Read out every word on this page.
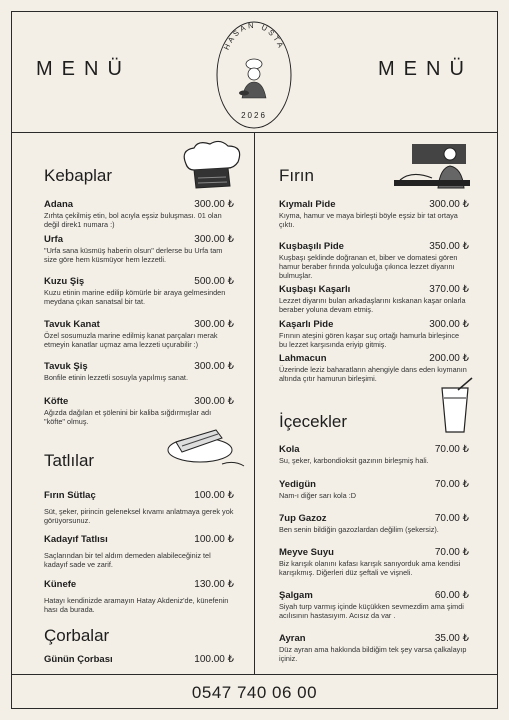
MENÜ	MENÜ
HASAN USTA
2026
Kebaplar
Tatlılar
Çorbalar
Fırın
İçecekler
Adana	300.00 ₺
Zırhta çekilmiş etin, bol acıyla eşsiz buluşması. 01 olan değil direk1 numara :)
Urfa	300.00 ₺
"Urfa sana küsmüş haberin olsun" derlerse bu Urfa tam size göre hem küsmüyor hem lezzetli.
Kuzu Şiş	500.00 ₺
Kuzu etinin marine edilip kömürle bir araya gelmesinden meydana çıkan sanatsal bir tat.
Tavuk Kanat	300.00 ₺
Özel sosumuzla marine edilmiş kanat parçaları merak etmeyin kanatlar uçmaz ama lezzeti uçurabilir :)
Tavuk Şiş	300.00 ₺
Bonfile etinin lezzetli sosuyla yapılmış sanat.
Köfte	300.00 ₺
Ağızda dağılan et şölenini bir kaliba sığdırmışlar adı "köfte" olmuş.
Fırın Sütlaç	100.00 ₺
Süt, şeker, pirincin geleneksel kıvamı anlatmaya gerek yok görüyorsunuz.
Kadayıf Tatlısı	100.00 ₺
Saçlarından bir tel aldım demeden alabileceğiniz tel kadayıf sade ve zarif.
Künefe	130.00 ₺
Hatayı kendinizde aramayın Hatay Akdeniz'de, künefenin hası da burada.
Günün Çorbası	100.00 ₺
Kıymalı Pide	300.00 ₺
Kıyma, hamur ve maya birleşti böyle eşsiz bir tat ortaya çıktı.
Kuşbaşılı Pide	350.00 ₺
Kuşbaşı şeklinde doğranan et, biber ve domatesi gören hamur beraber fırında yolculuğa çıkınca lezzet diyarını bulmuşlar.
Kuşbaşı Kaşarlı	370.00 ₺
Lezzet diyarını bulan arkadaşlarını kıskanan kaşar onlarla beraber yoluna devam etmiş.
Kaşarlı Pide	300.00 ₺
Fırının ateşini gören kaşar suç ortağı hamurla birleşince bu lezzet karşısında eriyip gitmiş.
Lahmacun	200.00 ₺
Üzerinde leziz baharatların ahengiyle dans eden kıymanın altında çıtır hamurun birleşimi.
Kola	70.00 ₺
Su, şeker, karbondioksit gazının birleşmiş hali.
Yedigün	70.00 ₺
Nam-ı diğer sarı kola :D
7up Gazoz	70.00 ₺
Ben senin bildiğin gazozlardan değilim (şekersiz).
Meyve Suyu	70.00 ₺
Biz karışık olanını kafası karışık sanıyorduk ama kendisi karışıkmış. Diğerleri düz şeftali ve vişneli.
Şalgam	60.00 ₺
Siyah turp varmış içinde küçükken sevmezdim ama şimdi acılısının hastasıyım. Acısız da var .
Ayran	35.00 ₺
Düz ayran ama hakkında bildiğim tek şey varsa çalkalayıp içiniz.
0547 740 06 00
